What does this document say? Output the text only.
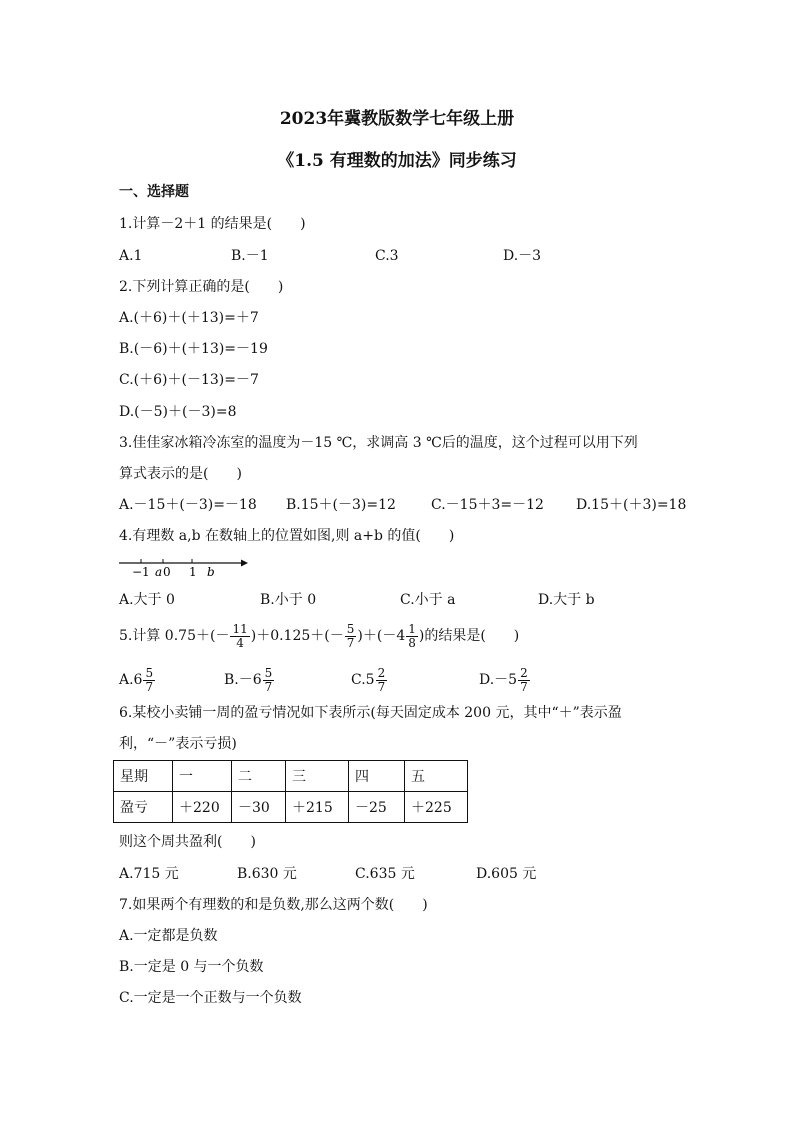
2023年冀教版数学七年级上册
《1.5 有理数的加法》同步练习
一、选择题
1.计算－2＋1 的结果是(　　)
A.1	B.－1	C.3	D.－3
2.下列计算正确的是(　　)
A.(＋6)＋(＋13)=＋7
B.(－6)＋(＋13)=－19
C.(＋6)＋(－13)=－7
D.(－5)＋(－3)=8
3.佳佳家冰箱冷冻室的温度为－15 ℃，求调高 3 ℃后的温度，这个过程可以用下列
算式表示的是(　　)
A.－15＋(－3)=－18 B.15＋(－3)=12	C.－15＋3=－12 D.15＋(＋3)=18
4.有理数 a,b 在数轴上的位置如图,则 a+b 的值(　　)
−1 a 0 1 b
A.大于 0	B.小于 0	C.小于 a	D.大于 b
5.计算 $0.75+(- \frac{11}{4} )+0.125+(- \frac{5}{7} )+(-4 \frac{1}{8}$ )的结果是(　　)
$A.6 \frac{5}{7}$	$B.-6 \frac{5}{7}$	$C.5 \frac{2}{7}$	$D.-5 \frac{2}{7}$
6.某校小卖铺一周的盈亏情况如下表所示(每天固定成本 200 元，其中“＋”表示盈
利，“－”表示亏损)
星期	一	二	三	四	五
盈亏	＋220	－30	＋215	－25	＋225
则这个周共盈利(　　)
A.715 元	B.630 元	C.635 元	D.605 元
7.如果两个有理数的和是负数,那么这两个数(　　)
A.一定都是负数
B.一定是 0 与一个负数
C.一定是一个正数与一个负数
